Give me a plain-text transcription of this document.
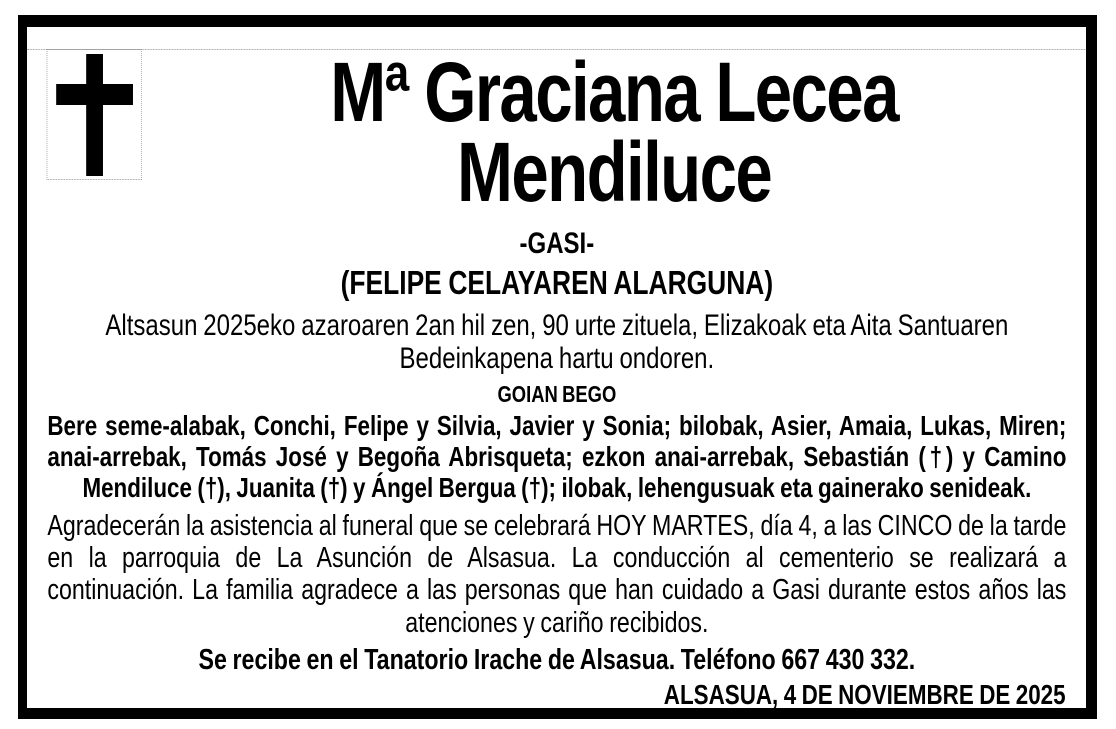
Mª Graciana Lecea
Mendiluce
-GASI-
(FELIPE CELAYAREN ALARGUNA)
Altsasun 2025eko azaroaren 2an hil zen, 90 urte zituela, Elizakoak eta Aita Santuaren Bedeinkapena hartu ondoren.
GOIAN BEGO
Bere seme-alabak, Conchi, Felipe y Silvia, Javier y Sonia; bilobak, Asier, Amaia, Lukas, Miren; anai-arrebak, Tomás José y Begoña Abrisqueta; ezkon anai-arrebak, Sebastián (†) y Camino Mendiluce (†), Juanita (†) y Ángel Bergua (†); ilobak, lehengusuak eta gainerako senideak.
Agradecerán la asistencia al funeral que se celebrará HOY MARTES, día 4, a las CINCO de la tarde en la parroquia de La Asunción de Alsasua. La conducción al cementerio se realizará a continuación. La familia agradece a las personas que han cuidado a Gasi durante estos años las atenciones y cariño recibidos.
Se recibe en el Tanatorio Irache de Alsasua. Teléfono 667 430 332.
ALSASUA, 4 DE NOVIEMBRE DE 2025
